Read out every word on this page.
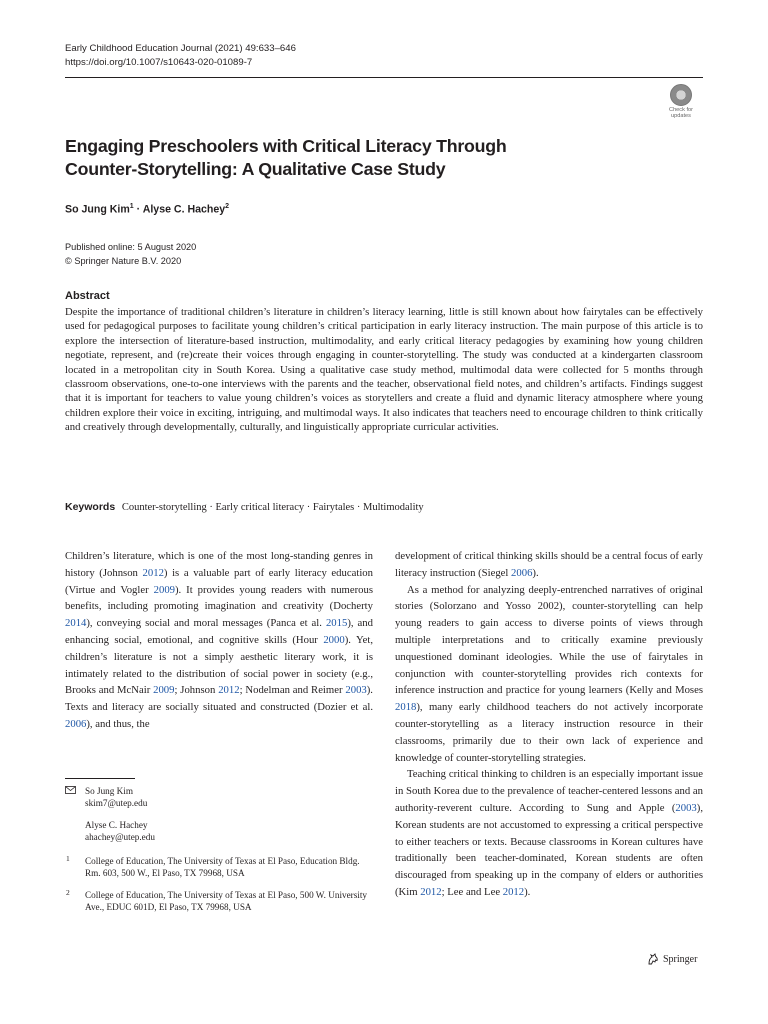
Early Childhood Education Journal (2021) 49:633–646
https://doi.org/10.1007/s10643-020-01089-7
Check for
updates
Engaging Preschoolers with Critical Literacy Through Counter‑Storytelling: A Qualitative Case Study
So Jung Kim$^1$ · Alyse C. Hachey$^2$
Published online: 5 August 2020
© Springer Nature B.V. 2020
Abstract
Despite the importance of traditional children’s literature in children’s literacy learning, little is still known about how fairytales can be effectively used for pedagogical purposes to facilitate young children’s critical participation in early literacy instruction. The main purpose of this article is to explore the intersection of literature-based instruction, multimodality, and early critical literacy pedagogies by examining how young children negotiate, represent, and (re)create their voices through engaging in counter-storytelling. The study was conducted at a kindergarten classroom located in a metropolitan city in South Korea. Using a qualitative case study method, multimodal data were collected for 5 months through classroom observations, one-to-one interviews with the parents and the teacher, observational field notes, and children’s artifacts. Findings suggest that it is important for teachers to value young children’s voices as storytellers and create a fluid and dynamic literacy atmosphere where young children explore their voice in exciting, intriguing, and multimodal ways. It also indicates that teachers need to encourage children to think critically and creatively through developmentally, culturally, and linguistically appropriate curricular activities.
Keywords Counter-storytelling · Early critical literacy · Fairytales · Multimodality

Children’s literature, which is one of the most long-standing genres in history (Johnson 2012) is a valuable part of early literacy education (Virtue and Vogler 2009). It provides young readers with numerous benefits, including promoting imagination and creativity (Docherty 2014), conveying social and moral messages (Panca et al. 2015), and enhancing social, emotional, and cognitive skills (Hour 2000). Yet, children’s literature is not a simply aesthetic literary work, it is intimately related to the distribution of social power in society (e.g., Brooks and McNair 2009; Johnson 2012; Nodelman and Reimer 2003). Texts and literacy are socially situated and constructed (Dozier et al. 2006), and thus, the

development of critical thinking skills should be a central focus of early literacy instruction (Siegel 2006).

As a method for analyzing deeply-entrenched narratives of original stories (Solorzano and Yosso 2002), counter-storytelling can help young readers to gain access to diverse points of views through multiple interpretations and to critically examine previously unquestioned dominant ideologies. While the use of fairytales in conjunction with counter-storytelling provides rich contexts for inference instruction and practice for young learners (Kelly and Moses 2018), many early childhood teachers do not actively incorporate counter-storytelling as a literacy instruction resource in their classrooms, primarily due to their own lack of experience and knowledge of counter-storytelling strategies.

Teaching critical thinking to children is an especially important issue in South Korea due to the prevalence of teacher-centered lessons and an authority-reverent culture. According to Sung and Apple (2003), Korean students are not accustomed to expressing a critical perspective to either teachers or texts. Because classrooms in Korean cultures have traditionally been teacher-dominated, Korean students are often discouraged from speaking up in the company of elders or authorities (Kim 2012; Lee and Lee 2012).

So Jung Kim
skim7@utep.edu
Alyse C. Hachey
ahachey@utep.edu
1 College of Education, The University of Texas at El Paso, Education Bldg. Rm. 603, 500 W., El Paso, TX 79968, USA
2 College of Education, The University of Texas at El Paso, 500 W. University Ave., EDUC 601D, El Paso, TX 79968, USA
Springer
